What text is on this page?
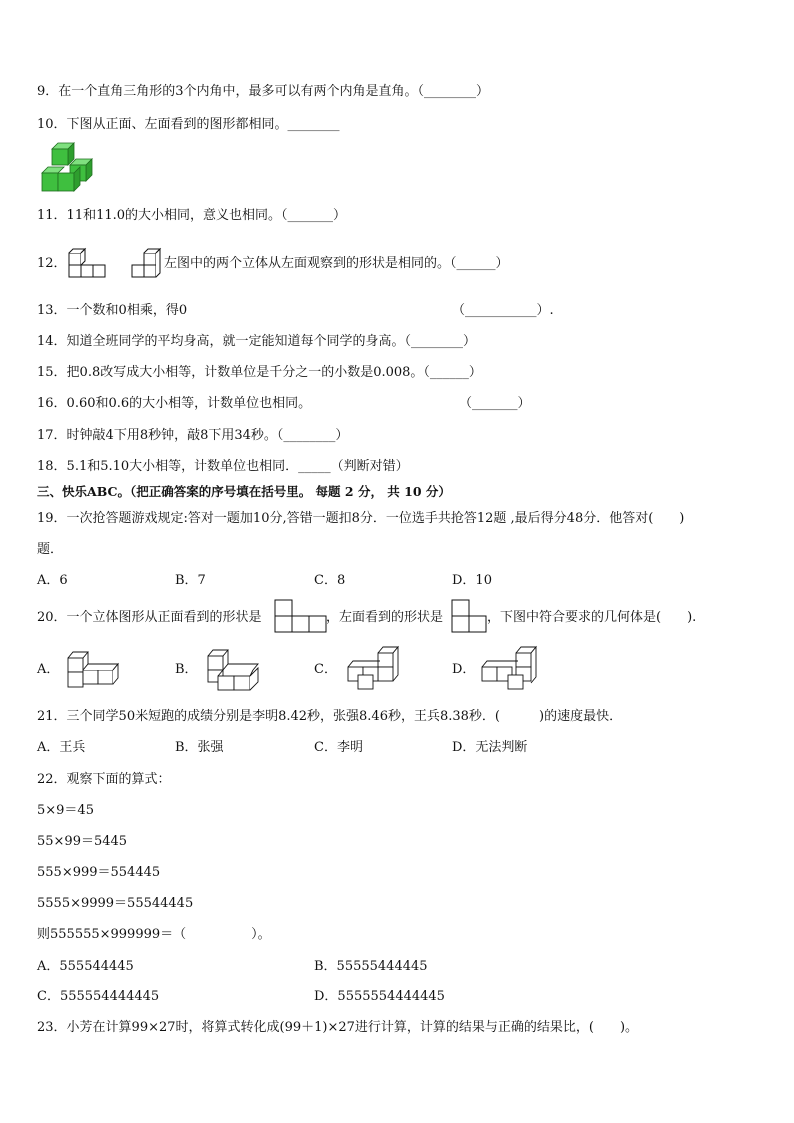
9．在一个直角三角形的3个内角中，最多可以有两个内角是直角。（________）
10．下图从正面、左面看到的图形都相同。________
11．11和11.0的大小相同，意义也相同。（_______）
12．	左图中的两个立体从左面观察到的形状是相同的。（______）
13．一个数和0相乘，得0	（___________）.
14．知道全班同学的平均身高，就一定能知道每个同学的身高。（________）
15．把0.8改写成大小相等，计数单位是千分之一的小数是0.008。（______）
16．0.60和0.6的大小相等，计数单位也相同。	（_______）
17．时钟敲4下用8秒钟，敲8下用34秒。（________）
18．5.1和5.10大小相等，计数单位也相同．_____（判断对错）
三、快乐ABC。（把正确答案的序号填在括号里。 每题 2 分， 共 10 分）
19．一次抢答题游戏规定:答对一题加10分,答错一题扣8分．一位选手共抢答12题 ,最后得分48分．他答对(　　)
题．
A．6	B．7	C．8	D．10
20．一个立体图形从正面看到的形状是	，左面看到的形状是	，下图中符合要求的几何体是(　　).
A．	B．	C．	D．
21．三个同学50米短跑的成绩分别是李明8.42秒，张强8.46秒，王兵8.38秒．(　　　)的速度最快．
A．王兵	B．张强	C．李明	D．无法判断
22．观察下面的算式：
5×9＝45
55×99＝5445
555×999＝554445
5555×9999＝55544445
则555555×999999＝（　　　　　）。
A．555544445	B．55555444445
C．555554444445	D．5555554444445
23．小芳在计算99×27时，将算式转化成(99＋1)×27进行计算，计算的结果与正确的结果比，(　　)。
